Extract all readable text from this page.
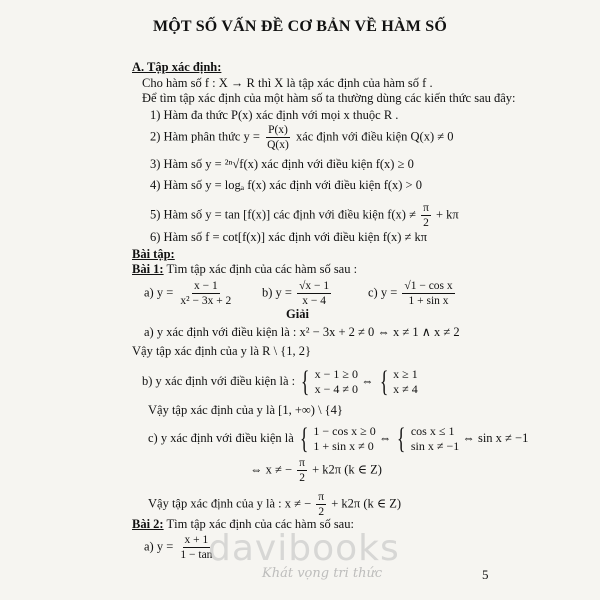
MỘT SỐ VẤN ĐỀ CƠ BẢN VỀ HÀM SỐ
A. Tập xác định:
Cho hàm số f : X → R thì X là tập xác định của hàm số f .
Để tìm tập xác định của một hàm số ta thường dùng các kiến thức sau đây:
1) Hàm đa thức P(x) xác định với mọi x thuộc R .
2) Hàm phân thức $y = \frac{P(x)}{Q(x)}$ xác định với điều kiện Q(x) ≠ 0
3) Hàm số y = ²ⁿ√f(x) xác định với điều kiện f(x) ≥ 0
4) Hàm số y = logₐ f(x) xác định với điều kiện f(x) > 0
5) Hàm số y = tan [f(x)] các định với điều kiện $f(x) \ne \frac{\pi}{2} + k\pi$
6) Hàm số f = cot[f(x)] xác định với điều kiện f(x) ≠ kπ
Bài tập:
Bài 1: Tìm tập xác định của các hàm số sau :
a) $y = \frac{x - 1}{\text{x² − 3x + 2}} b$) $y = \frac{√x - 1}{x - 4}$	c) $y = \frac{\text{√1 − cos x}}{\text{1 + sin x}}$
Giải
a) y xác định với điều kiện là : x² − 3x + 2 ≠ 0 ⇔ x ≠ 1 ∧ x ≠ 2
Vậy tập xác định của y là R \ {1, 2}
b) y xác định với điều kiện là : { x − 1 ≥ 0
x − 4 ≠ 0
⇔ { x ≥ 1
x ≠ 4
Vậy tập xác định của y là [1, +∞) \ {4}
c) y xác định với điều kiện là { 1 − cos x ≥ 0
1 + sin x ≠ 0
⇔ { cos x ≤ 1
sin x ≠ −1
⇔ sin x ≠ −1
⇔ x ≠ − $\frac{\pi}{2} + k2\pi$ (k ∈ Z)
Vậy tập xác định của y là : x ≠ − $\frac{\pi}{2} + k2\pi$ (k ∈ Z)
Bài 2: Tìm tập xác định của các hàm số sau:
a) $y = \frac{x + 1}{1 - \tan}$
davibooks
Khát vọng tri thức	5
